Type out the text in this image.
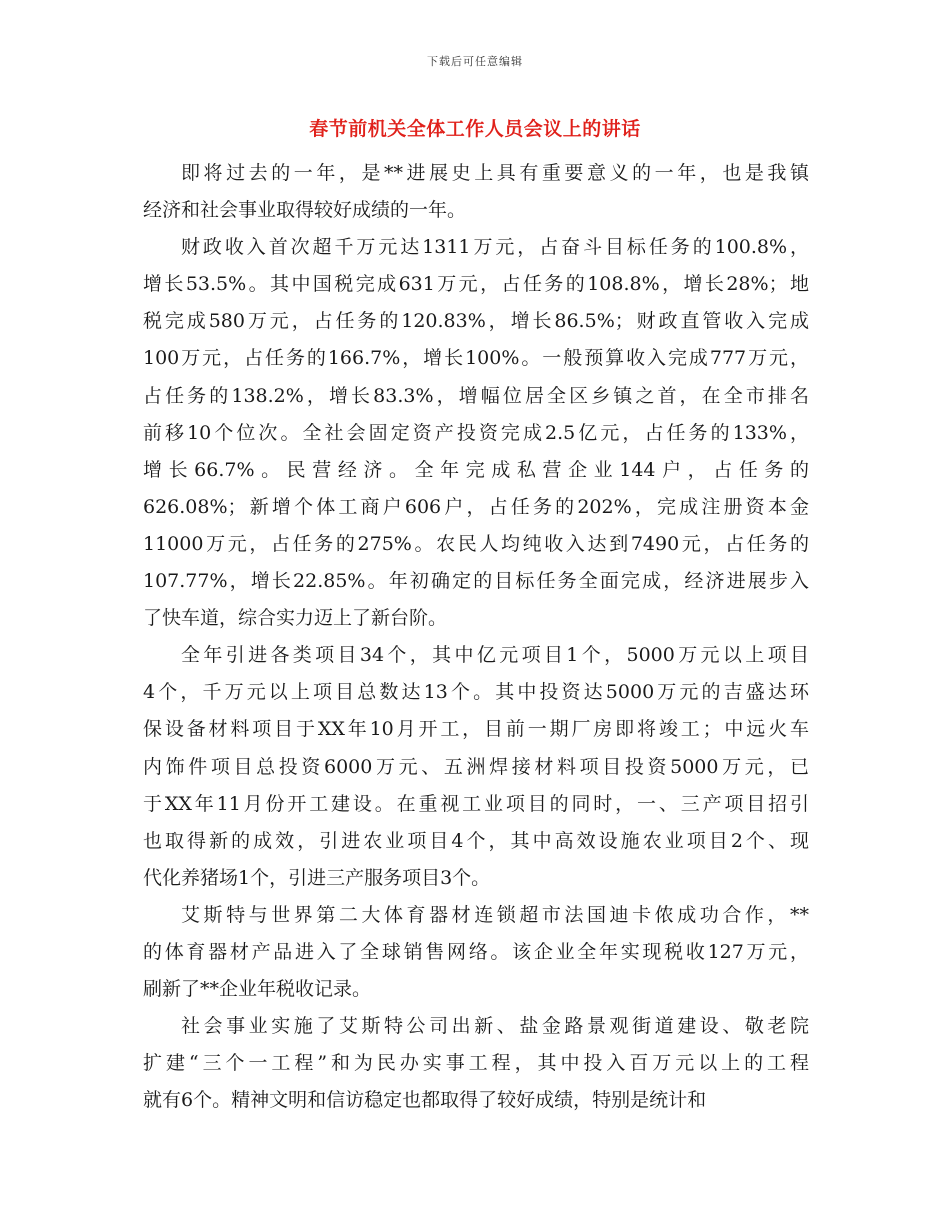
下载后可任意编辑
春节前机关全体工作人员会议上的讲话

即将过去的一年，是**进展史上具有重要意义的一年，也是我镇
经济和社会事业取得较好成绩的一年。

财政收入首次超千万元达1311万元，占奋斗目标任务的100.8%，
增长53.5%。其中国税完成631万元，占任务的108.8%，增长28%；地
税完成580万元，占任务的120.83%，增长86.5%；财政直管收入完成
100万元，占任务的166.7%，增长100%。一般预算收入完成777万元，
占任务的138.2%，增长83.3%，增幅位居全区乡镇之首，在全市排名
前移10个位次。全社会固定资产投资完成2.5亿元，占任务的133%，
增长66.7%。民营经济。全年完成私营企业144户，占任务的
626.08%；新增个体工商户606户，占任务的202%，完成注册资本金
11000万元，占任务的275%。农民人均纯收入达到7490元，占任务的
107.77%，增长22.85%。年初确定的目标任务全面完成，经济进展步入
了快车道，综合实力迈上了新台阶。

全年引进各类项目34个，其中亿元项目1个，5000万元以上项目
4个，千万元以上项目总数达13个。其中投资达5000万元的吉盛达环
保设备材料项目于XX年10月开工，目前一期厂房即将竣工；中远火车
内饰件项目总投资6000万元、五洲焊接材料项目投资5000万元，已
于XX年11月份开工建设。在重视工业项目的同时，一、三产项目招引
也取得新的成效，引进农业项目4个，其中高效设施农业项目2个、现
代化养猪场1个，引进三产服务项目3个。

艾斯特与世界第二大体育器材连锁超市法国迪卡侬成功合作，**
的体育器材产品进入了全球销售网络。该企业全年实现税收127万元，
刷新了**企业年税收记录。

社会事业实施了艾斯特公司出新、盐金路景观街道建设、敬老院
扩建“三个一工程”和为民办实事工程，其中投入百万元以上的工程
就有6个。精神文明和信访稳定也都取得了较好成绩，特别是统计和
